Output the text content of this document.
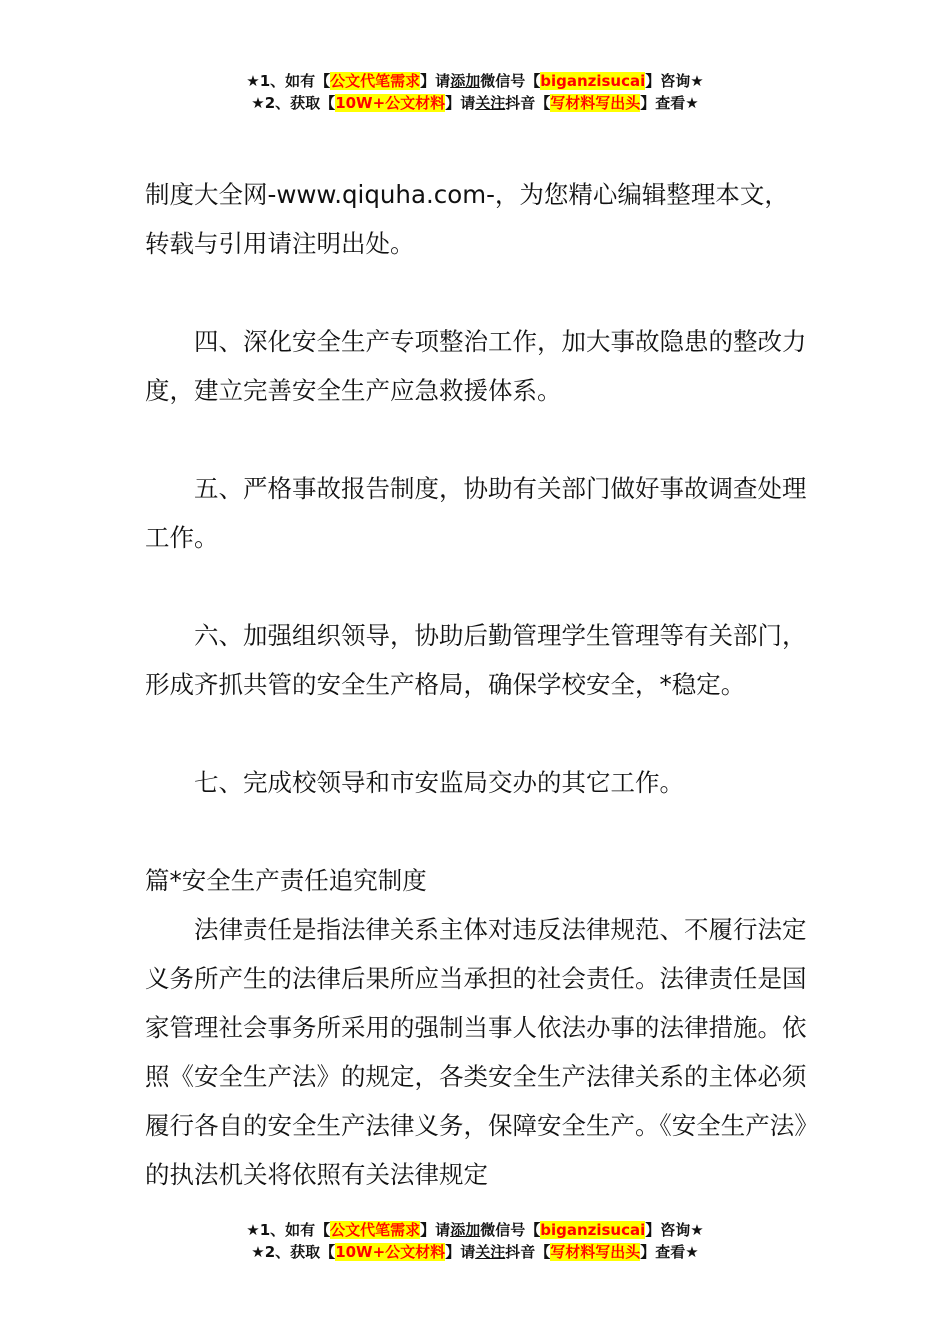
★1、如有【公文代笔需求】请添加微信号【biganzisucai】咨询★
★2、获取【10W+公文材料】请关注抖音【写材料写出头】查看★

制度大全网-www.qiquha.com-，为您精心编辑整理本文，转载与引用请注明出处。

四、深化安全生产专项整治工作，加大事故隐患的整改力度，建立完善安全生产应急救援体系。

五、严格事故报告制度，协助有关部门做好事故调查处理工作。

六、加强组织领导，协助后勤管理学生管理等有关部门，形成齐抓共管的安全生产格局，确保学校安全，*稳定。

七、完成校领导和市安监局交办的其它工作。

篇*安全生产责任追究制度

法律责任是指法律关系主体对违反法律规范、不履行法定义务所产生的法律后果所应当承担的社会责任。法律责任是国家管理社会事务所采用的强制当事人依法办事的法律措施。依照《安全生产法》的规定，各类安全生产法律关系的主体必须履行各自的安全生产法律义务，保障安全生产。《安全生产法》的执法机关将依照有关法律规定

★1、如有【公文代笔需求】请添加微信号【biganzisucai】咨询★
★2、获取【10W+公文材料】请关注抖音【写材料写出头】查看★
